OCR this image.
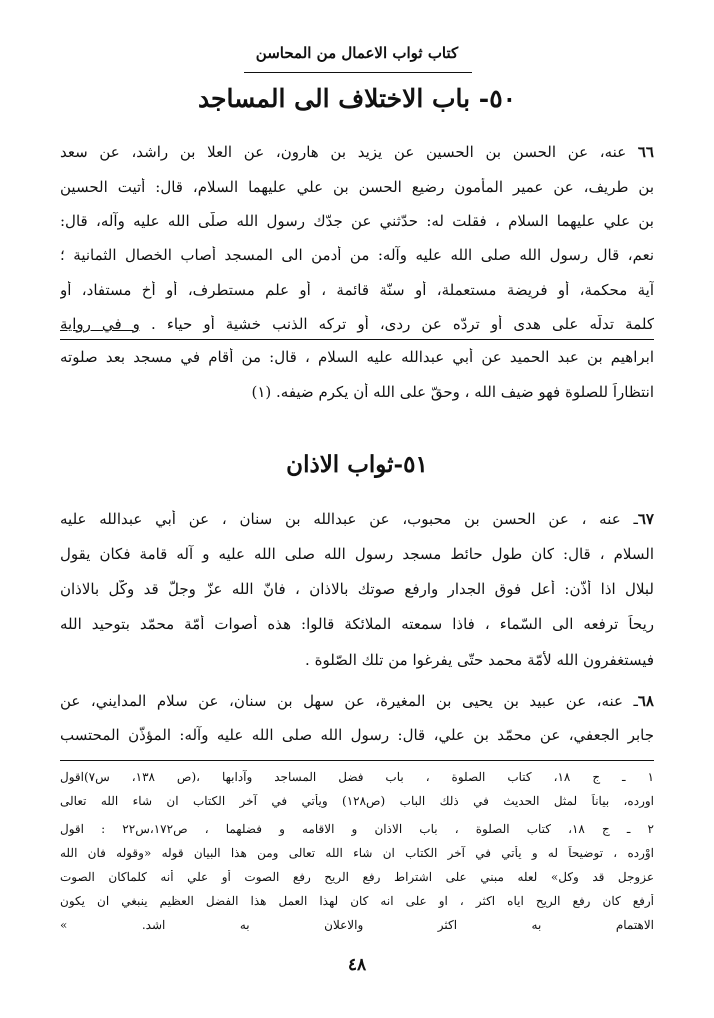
كتاب ثواب الاعمال من المحاسن
٥٠- باب الاختلاف الى المساجد
٦٦ عنه، عن الحسن بن الحسين عن يزيد بن هارون، عن العلا بن راشد، عن سعد
بن طريف، عن عمير المأمون رضيع الحسن بن علي عليهما السلام، قال: أتيت الحسين
بن علي عليهما السلام ، فقلت له: حدّثني عن جدّك رسول الله صلّى الله عليه وآله، قال:
نعم، قال رسول الله صلى الله عليه وآله: من أدمن الى المسجد أصاب الخصال الثمانية ؛
آية محكمة، أو فريضة مستعملة، أو سنّة قائمة ، أو علم مستطرف، أو أخ مستفاد، أو
كلمة تدلّه على هدى أو تردّه عن ردى، أو تركه الذنب خشية أو حياء . و في رواية
ابراهيم بن عبد الحميد عن أبي عبدالله عليه السلام ، قال: من أقام في مسجد بعد صلوته
انتظاراً للصلوة فهو ضيف الله ، وحقّ على الله أن يكرم ضيفه. (١)
٥١-ثواب الاذان
٦٧ـ عنه ، عن الحسن بن محبوب، عن عبدالله بن سنان ، عن أبي عبدالله عليه
السلام ، قال: كان طول حائط مسجد رسول الله صلى الله عليه و آله قامة فكان يقول
لبلال اذا أذّن: أعل فوق الجدار وارفع صوتك بالاذان ، فانّ الله عزّ وجلّ قد وكّل بالاذان
ريحاً ترفعه الى السّماء ، فاذا سمعته الملائكة قالوا: هذه أصوات أمّة محمّد بتوحيد الله
فيستغفرون الله لأمّة محمد حتّى يفرغوا من تلك الصّلوة .
٦٨ـ عنه، عن عبيد بن يحيى بن المغيرة، عن سهل بن سنان، عن سلام المدايني، عن
جابر الجعفي، عن محمّد بن علي، قال: رسول الله صلى الله عليه وآله: المؤذّن المحتسب
١ ـ ج ١٨، كتاب الصلوة ، باب فضل المساجد وآدابها ،(ص ١٣٨، س٧)اقول
اورده، بياناً لمثل الحديث في ذلك الباب (ص١٢٨) ويأتي في آخر الكتاب ان شاء الله تعالى
٢ ـ ج ١٨، كتاب الصلوة ، باب الاذان و الاقامه و فضلهما ، ص١٧٢،س٢٢ : اقول
اوْرده ، توضيحاً له و يأتي في آخر الكتاب ان شاء الله تعالى ومن هذا البيان قوله «وقوله فان الله
عزوجل قد وكل» لعله مبني على اشتراط رفع الريح رفع الصوت أو علي أنه كلماكان الصوت
أرفع كان رفع الريح اياه اكثر ، او على انه كان لهذا العمل هذا الفضل العظيم ينبغي ان يكون
الاهتمام به اكثر والاعلان به اشد. »
٤٨
